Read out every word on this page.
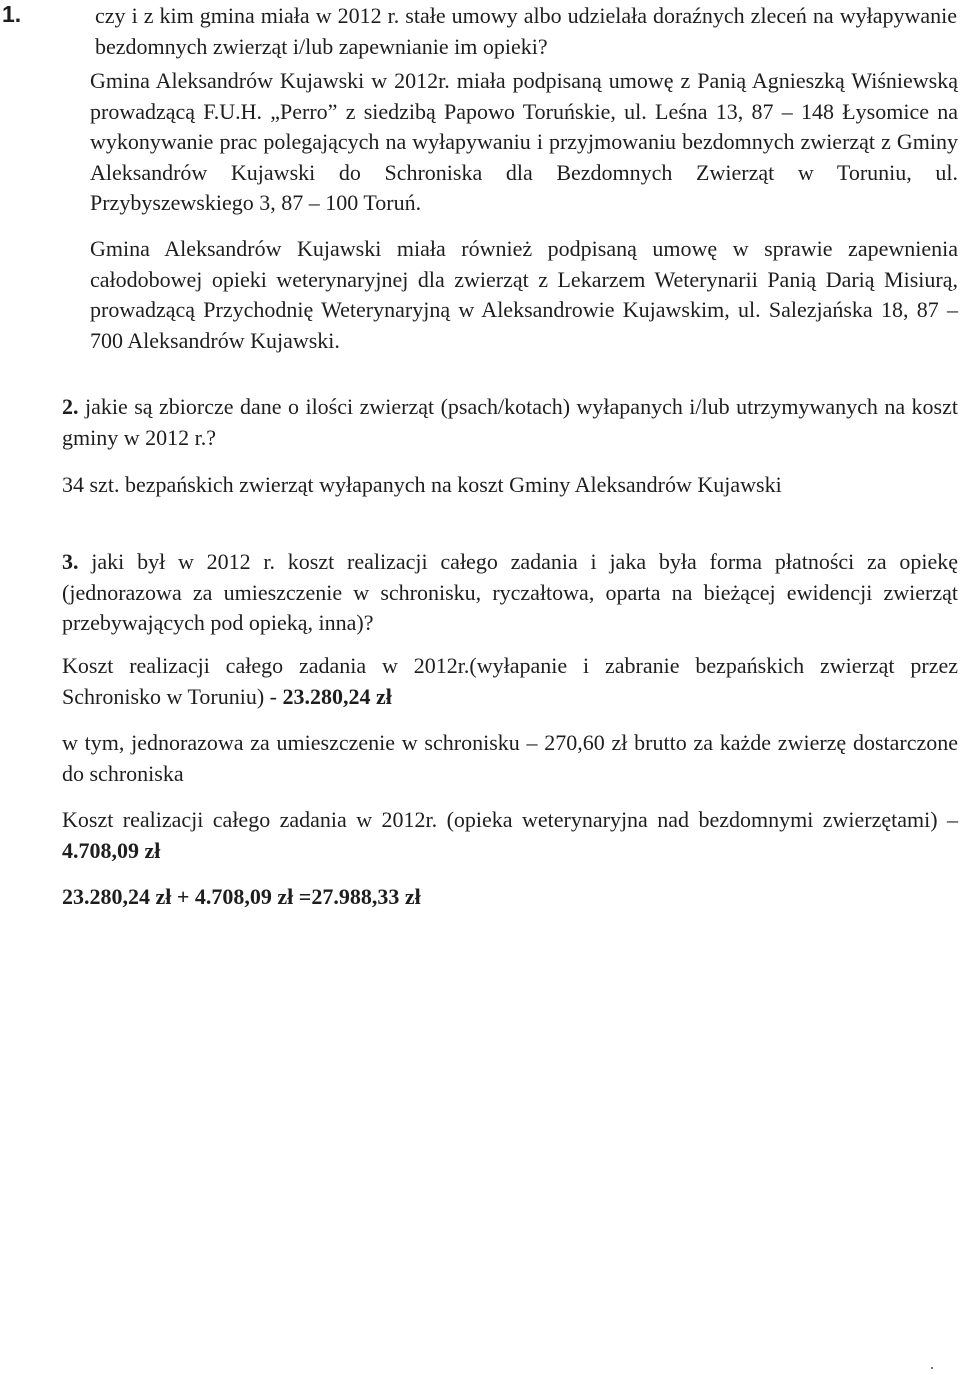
1.	czy i z kim gmina miała w 2012 r. stałe umowy albo udzielała doraźnych zleceń na wyłapywanie bezdomnych zwierząt i/lub zapewnianie im opieki?
Gmina Aleksandrów Kujawski w 2012r. miała podpisaną umowę z Panią Agnieszką Wiśniewską prowadzącą F.U.H. „Perro” z siedzibą Papowo Toruńskie, ul. Leśna 13, 87 – 148 Łysomice na wykonywanie prac polegających na wyłapywaniu i przyjmowaniu bezdomnych zwierząt z Gminy Aleksandrów Kujawski do Schroniska dla Bezdomnych Zwierząt w Toruniu, ul. Przybyszewskiego 3, 87 – 100 Toruń.
Gmina Aleksandrów Kujawski miała również podpisaną umowę w sprawie zapewnienia całodobowej opieki weterynaryjnej dla zwierząt z Lekarzem Weterynarii Panią Darią Misiurą, prowadzącą Przychodnię Weterynaryjną w Aleksandrowie Kujawskim, ul. Salezjańska 18, 87 – 700 Aleksandrów Kujawski.
2. jakie są zbiorcze dane o ilości zwierząt (psach/kotach) wyłapanych i/lub utrzymywanych na koszt gminy w 2012 r.?
34 szt. bezpańskich zwierząt wyłapanych na koszt Gminy Aleksandrów Kujawski
3. jaki był w 2012 r. koszt realizacji całego zadania i jaka była forma płatności za opiekę (jednorazowa za umieszczenie w schronisku, ryczałtowa, oparta na bieżącej ewidencji zwierząt przebywających pod opieką, inna)?
Koszt realizacji całego zadania w 2012r.(wyłapanie i zabranie bezpańskich zwierząt przez Schronisko w Toruniu) - 23.280,24 zł
w tym, jednorazowa za umieszczenie w schronisku – 270,60 zł brutto za każde zwierzę dostarczone do schroniska
Koszt realizacji całego zadania w 2012r. (opieka weterynaryjna nad bezdomnymi zwierzętami) – 4.708,09 zł
23.280,24 zł + 4.708,09 zł =27.988,33 zł
